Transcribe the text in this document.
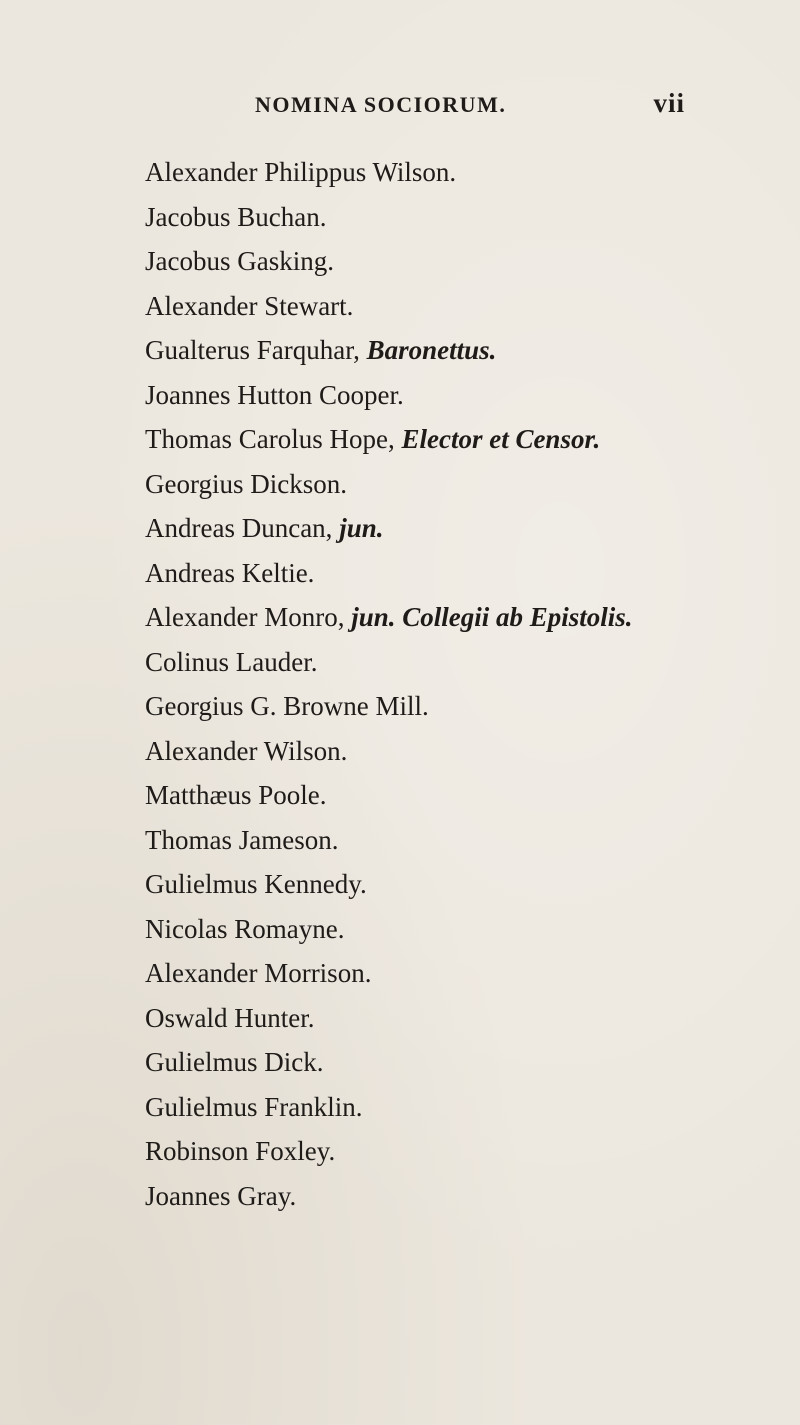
NOMINA SOCIORUM.	vii
Alexander Philippus Wilson.
Jacobus Buchan.
Jacobus Gasking.
Alexander Stewart.
Gualterus Farquhar, Baronettus.
Joannes Hutton Cooper.
Thomas Carolus Hope, Elector et Censor.
Georgius Dickson.
Andreas Duncan, jun.
Andreas Keltie.
Alexander Monro, jun. Collegii ab Epistolis.
Colinus Lauder.
Georgius G. Browne Mill.
Alexander Wilson.
Matthæus Poole.
Thomas Jameson.
Gulielmus Kennedy.
Nicolas Romayne.
Alexander Morrison.
Oswald Hunter.
Gulielmus Dick.
Gulielmus Franklin.
Robinson Foxley.
Joannes Gray.
